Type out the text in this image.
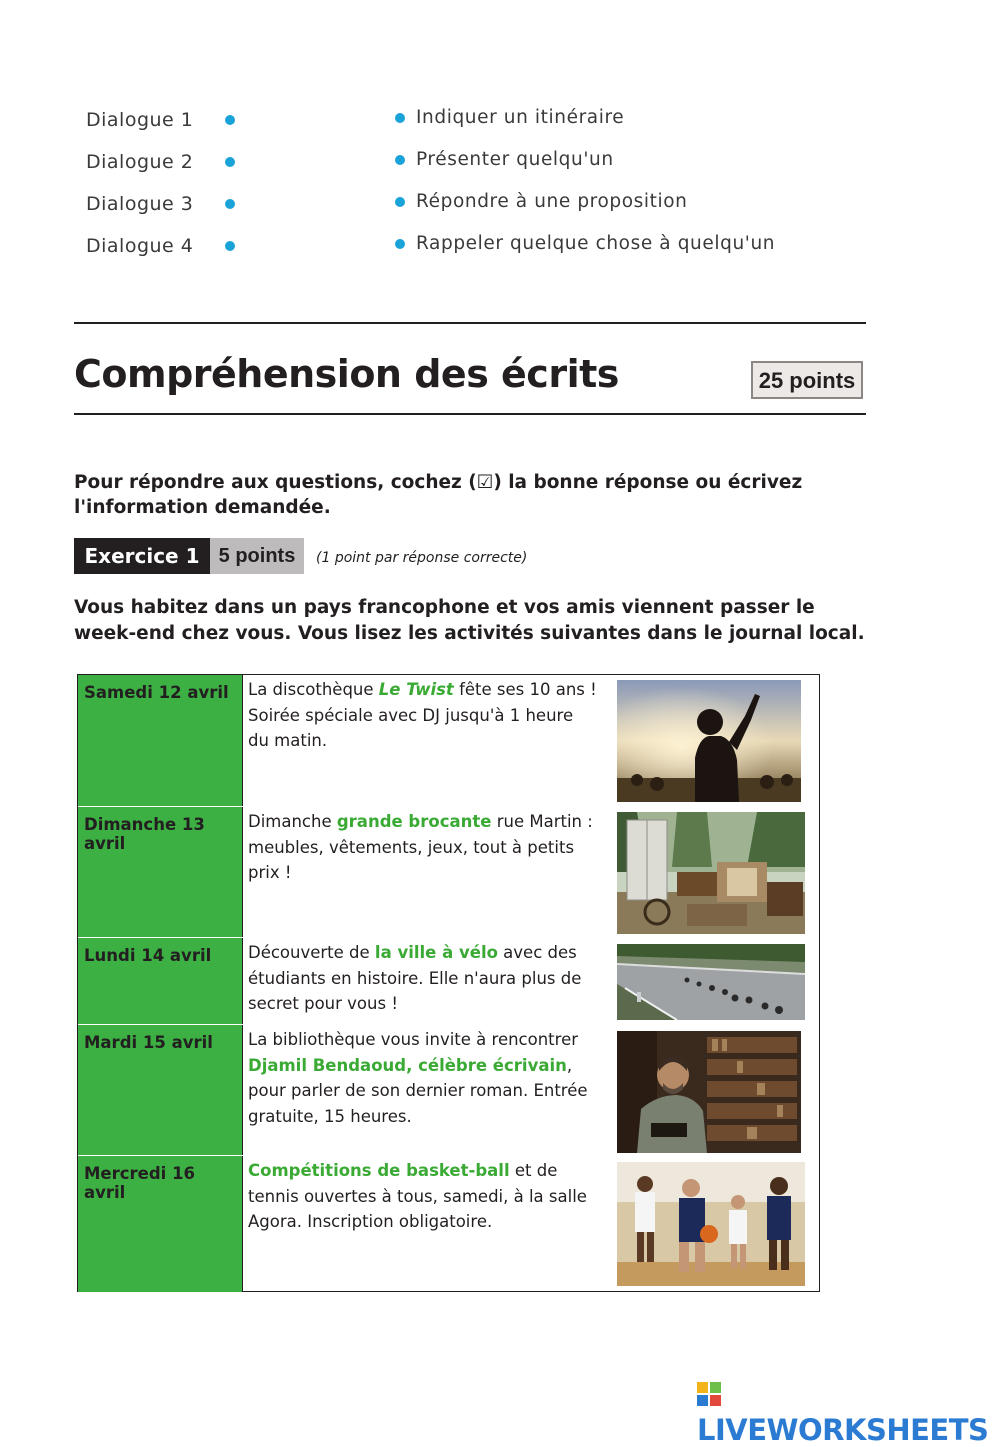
Dialogue 1
Dialogue 2
Dialogue 3
Dialogue 4
Indiquer un itinéraire
Présenter quelqu'un
Répondre à une proposition
Rappeler quelque chose à quelqu'un
Compréhension des écrits	25 points
Pour répondre aux questions, cochez (☑) la bonne réponse ou écrivez l'information demandée.
Exercice 1 5 points	(1 point par réponse correcte)
Vous habitez dans un pays francophone et vos amis viennent passer le week-end chez vous. Vous lisez les activités suivantes dans le journal local.
Samedi 12 avril La discothèque Le Twist fête ses 10 ans ! Soirée spéciale avec DJ jusqu'à 1 heure du matin.
Dimanche 13 avril
Dimanche grande brocante rue Martin : meubles, vêtements, jeux, tout à petits prix !
Lundi 14 avril Découverte de la ville à vélo avec des étudiants en histoire. Elle n'aura plus de secret pour vous !
Mardi 15 avril La bibliothèque vous invite à rencontrer Djamil Bendaoud, célèbre écrivain, pour parler de son dernier roman. Entrée gratuite, 15 heures.
Mercredi 16 avril
Compétitions de basket-ball et de tennis ouvertes à tous, samedi, à la salle Agora. Inscription obligatoire.
LIVEWORKSHEETS
